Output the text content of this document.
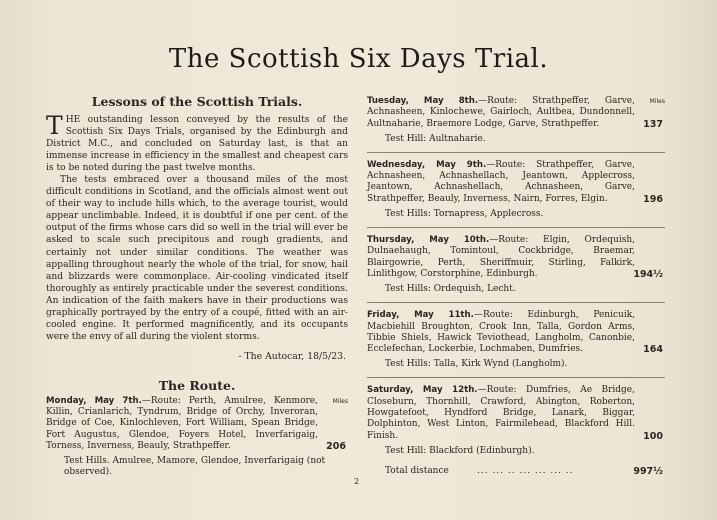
The Scottish Six Days Trial.
Lessons of the Scottish Trials.

THE outstanding lesson conveyed by the results of the Scottish Six Days Trials, organised by the Edinburgh and District M.C., and concluded on Saturday last, is that an immense increase in efficiency in the smallest and cheapest cars is to be noted during the past twelve months.

The tests embraced over a thousand miles of the most difficult conditions in Scotland, and the officials almost went out of their way to include hills which, to the average tourist, would appear unclimbable. Indeed, it is doubtful if one per cent. of the output of the firms whose cars did so well in the trial will ever be asked to scale such precipitous and rough gradients, and certainly not under similar conditions. The weather was appalling throughout nearly the whole of the trial, for snow, hail and blizzards were commonplace. Air-cooling vindicated itself thoroughly as entirely practicable under the severest conditions. An indication of the faith makers have in their productions was graphically portrayed by the entry of a coupé, fitted with an air-cooled engine. It performed magnificently, and its occupants were the envy of all during the violent storms.

- The Autocar, 18/5/23.
The Route.
Miles

Monday, May 7th.—Route: Perth, Amulree, Kenmore, Killin, Crianlarich, Tyndrum, Bridge of Orchy, Inveroran, Bridge of Coe, Kinlochleven, Fort William, Spean Bridge, Fort Augustus, Glendoe, Foyers Hotel, Inverfarigaig, Torness, Inverness, Beauly, Strathpeffer.	206
Test Hills. Amulree, Mamore, Glendoe, Inverfarigaig (not observed).
Miles

Tuesday, May 8th.—Route: Strathpeffer, Garve, Achnasheen, Kinlochewe, Gairloch, Aultbea, Dundonnell, Aultnaharie, Braemore Lodge, Garve, Strathpeffer.	137
Test Hill: Aultnaharie.

Wednesday, May 9th.—Route: Strathpeffer, Garve, Achnasheen, Achnashellach, Jeantown, Applecross, Jeantown, Achnashellach, Achnasheen, Garve, Strathpeffer, Beauly, Inverness, Nairn, Forres, Elgin.	196
Test Hills: Tornapress, Applecross.

Thursday, May 10th.—Route: Elgin, Ordequish, Dulnaehaugh, Tomintoul, Cockbridge, Braemar, Blairgowrie, Perth, Sheriffmuir, Stirling, Falkirk, Linlithgow, Corstorphine, Edinburgh.	194½
Test Hills: Ordequish, Lecht.

Friday, May 11th.—Route: Edinburgh, Penicuik, Macbiehill Broughton, Crook Inn, Talla, Gordon Arms, Tibbie Shiels, Hawick Teviothead, Langholm, Canonbie, Ecclefechan, Lockerbie, Lochmaben, Dumfries.	164
Test Hills: Talla, Kirk Wynd (Langholm).

Saturday, May 12th.—Route: Dumfries, Ae Bridge, Closeburn, Thornhill, Crawford, Abington, Roberton, Howgatefoot, Hyndford Bridge, Lanark, Biggar, Dolphinton, West Linton, Fairmilehead, Blackford Hill. Finish.	100
Test Hill: Blackford (Edinburgh).
Total distance	... ... .. ... ... ... ..	997½
2
